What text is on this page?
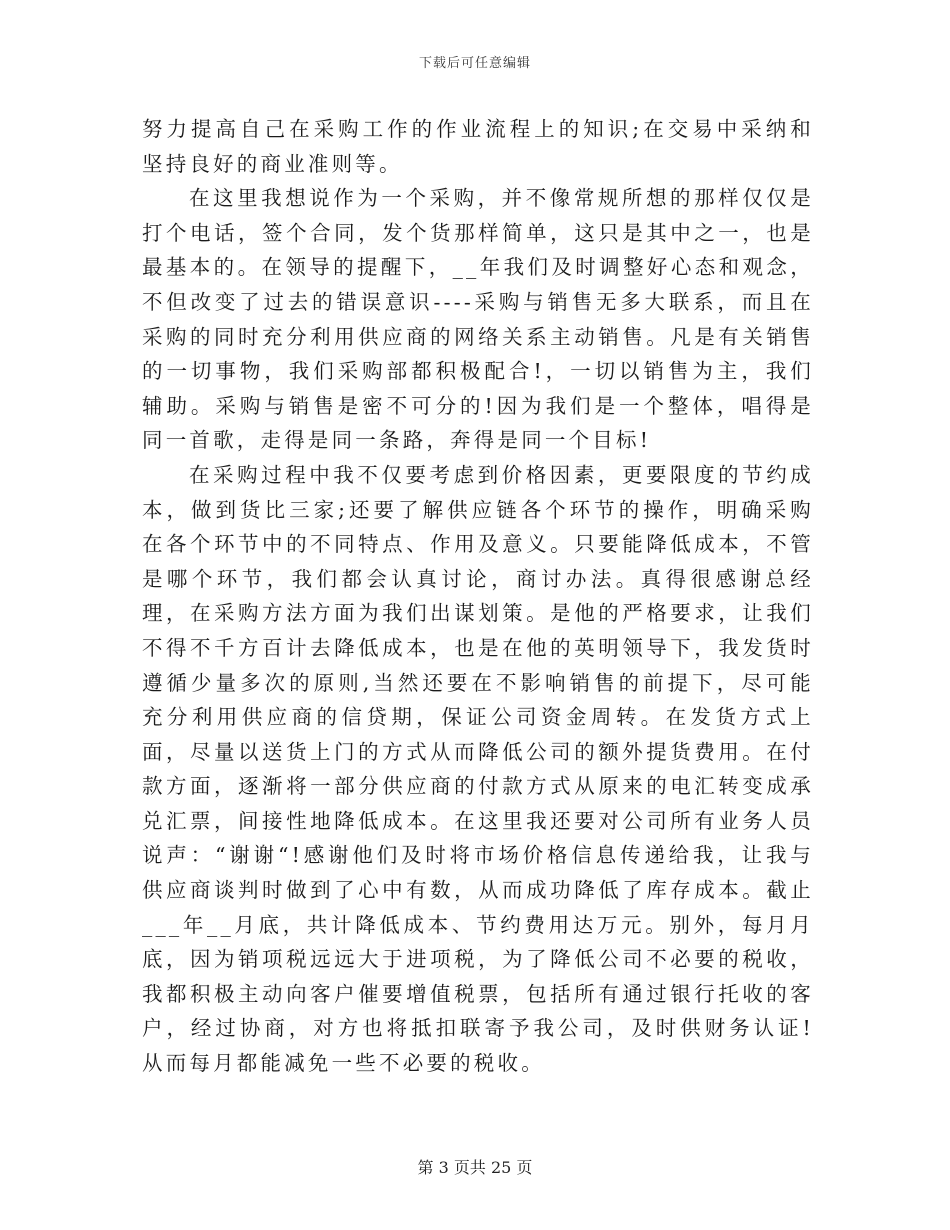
下载后可任意编辑

努力提高自己在采购工作的作业流程上的知识;在交易中采纳和坚持良好的商业准则等。

在这里我想说作为一个采购，并不像常规所想的那样仅仅是打个电话，签个合同，发个货那样简单，这只是其中之一，也是最基本的。在领导的提醒下，__年我们及时调整好心态和观念，不但改变了过去的错误意识----采购与销售无多大联系，而且在采购的同时充分利用供应商的网络关系主动销售。凡是有关销售的一切事物，我们采购部都积极配合!，一切以销售为主，我们辅助。采购与销售是密不可分的!因为我们是一个整体，唱得是同一首歌，走得是同一条路，奔得是同一个目标!

在采购过程中我不仅要考虑到价格因素，更要限度的节约成本，做到货比三家;还要了解供应链各个环节的操作，明确采购在各个环节中的不同特点、作用及意义。只要能降低成本，不管是哪个环节，我们都会认真讨论，商讨办法。真得很感谢总经理，在采购方法方面为我们出谋划策。是他的严格要求，让我们不得不千方百计去降低成本，也是在他的英明领导下，我发货时遵循少量多次的原则,当然还要在不影响销售的前提下，尽可能充分利用供应商的信贷期，保证公司资金周转。在发货方式上面，尽量以送货上门的方式从而降低公司的额外提货费用。在付款方面，逐渐将一部分供应商的付款方式从原来的电汇转变成承兑汇票，间接性地降低成本。在这里我还要对公司所有业务人员说声：“谢谢“!感谢他们及时将市场价格信息传递给我，让我与供应商谈判时做到了心中有数，从而成功降低了库存成本。截止___年__月底，共计降低成本、节约费用达万元。别外，每月月底，因为销项税远远大于进项税，为了降低公司不必要的税收，我都积极主动向客户催要增值税票，包括所有通过银行托收的客户，经过协商，对方也将抵扣联寄予我公司，及时供财务认证!从而每月都能减免一些不必要的税收。

第 3 页共 25 页
